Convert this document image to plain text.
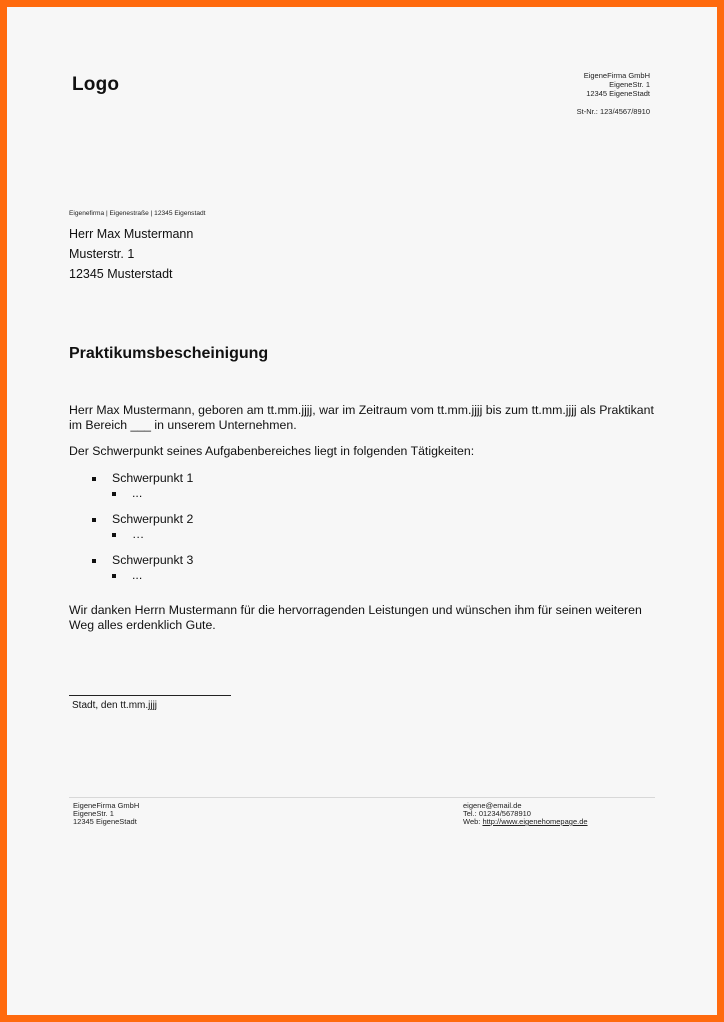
Logo	EigeneFirma GmbH
EigeneStr. 1
12345 EigeneStadt
St-Nr.: 123/4567/8910
Eigenefirma | Eigenestraße | 12345 Eigenstadt
Herr Max Mustermann
Musterstr. 1
12345 Musterstadt
Praktikumsbescheinigung
Herr Max Mustermann, geboren am tt.mm.jjjj, war im Zeitraum vom tt.mm.jjjj bis zum tt.mm.jjjj als Praktikant
im Bereich ___ in unserem Unternehmen.
Der Schwerpunkt seines Aufgabenbereiches liegt in folgenden Tätigkeiten:
Schwerpunkt 1
...
Schwerpunkt 2
…
Schwerpunkt 3
...
Wir danken Herrn Mustermann für die hervorragenden Leistungen und wünschen ihm für seinen weiteren
Weg alles erdenklich Gute.
Stadt, den tt.mm.jjjj
EigeneFirma GmbH
EigeneStr. 1
12345 EigeneStadt
eigene@email.de
Tel.: 01234/5678910
Web: http://www.eigenehomepage.de
